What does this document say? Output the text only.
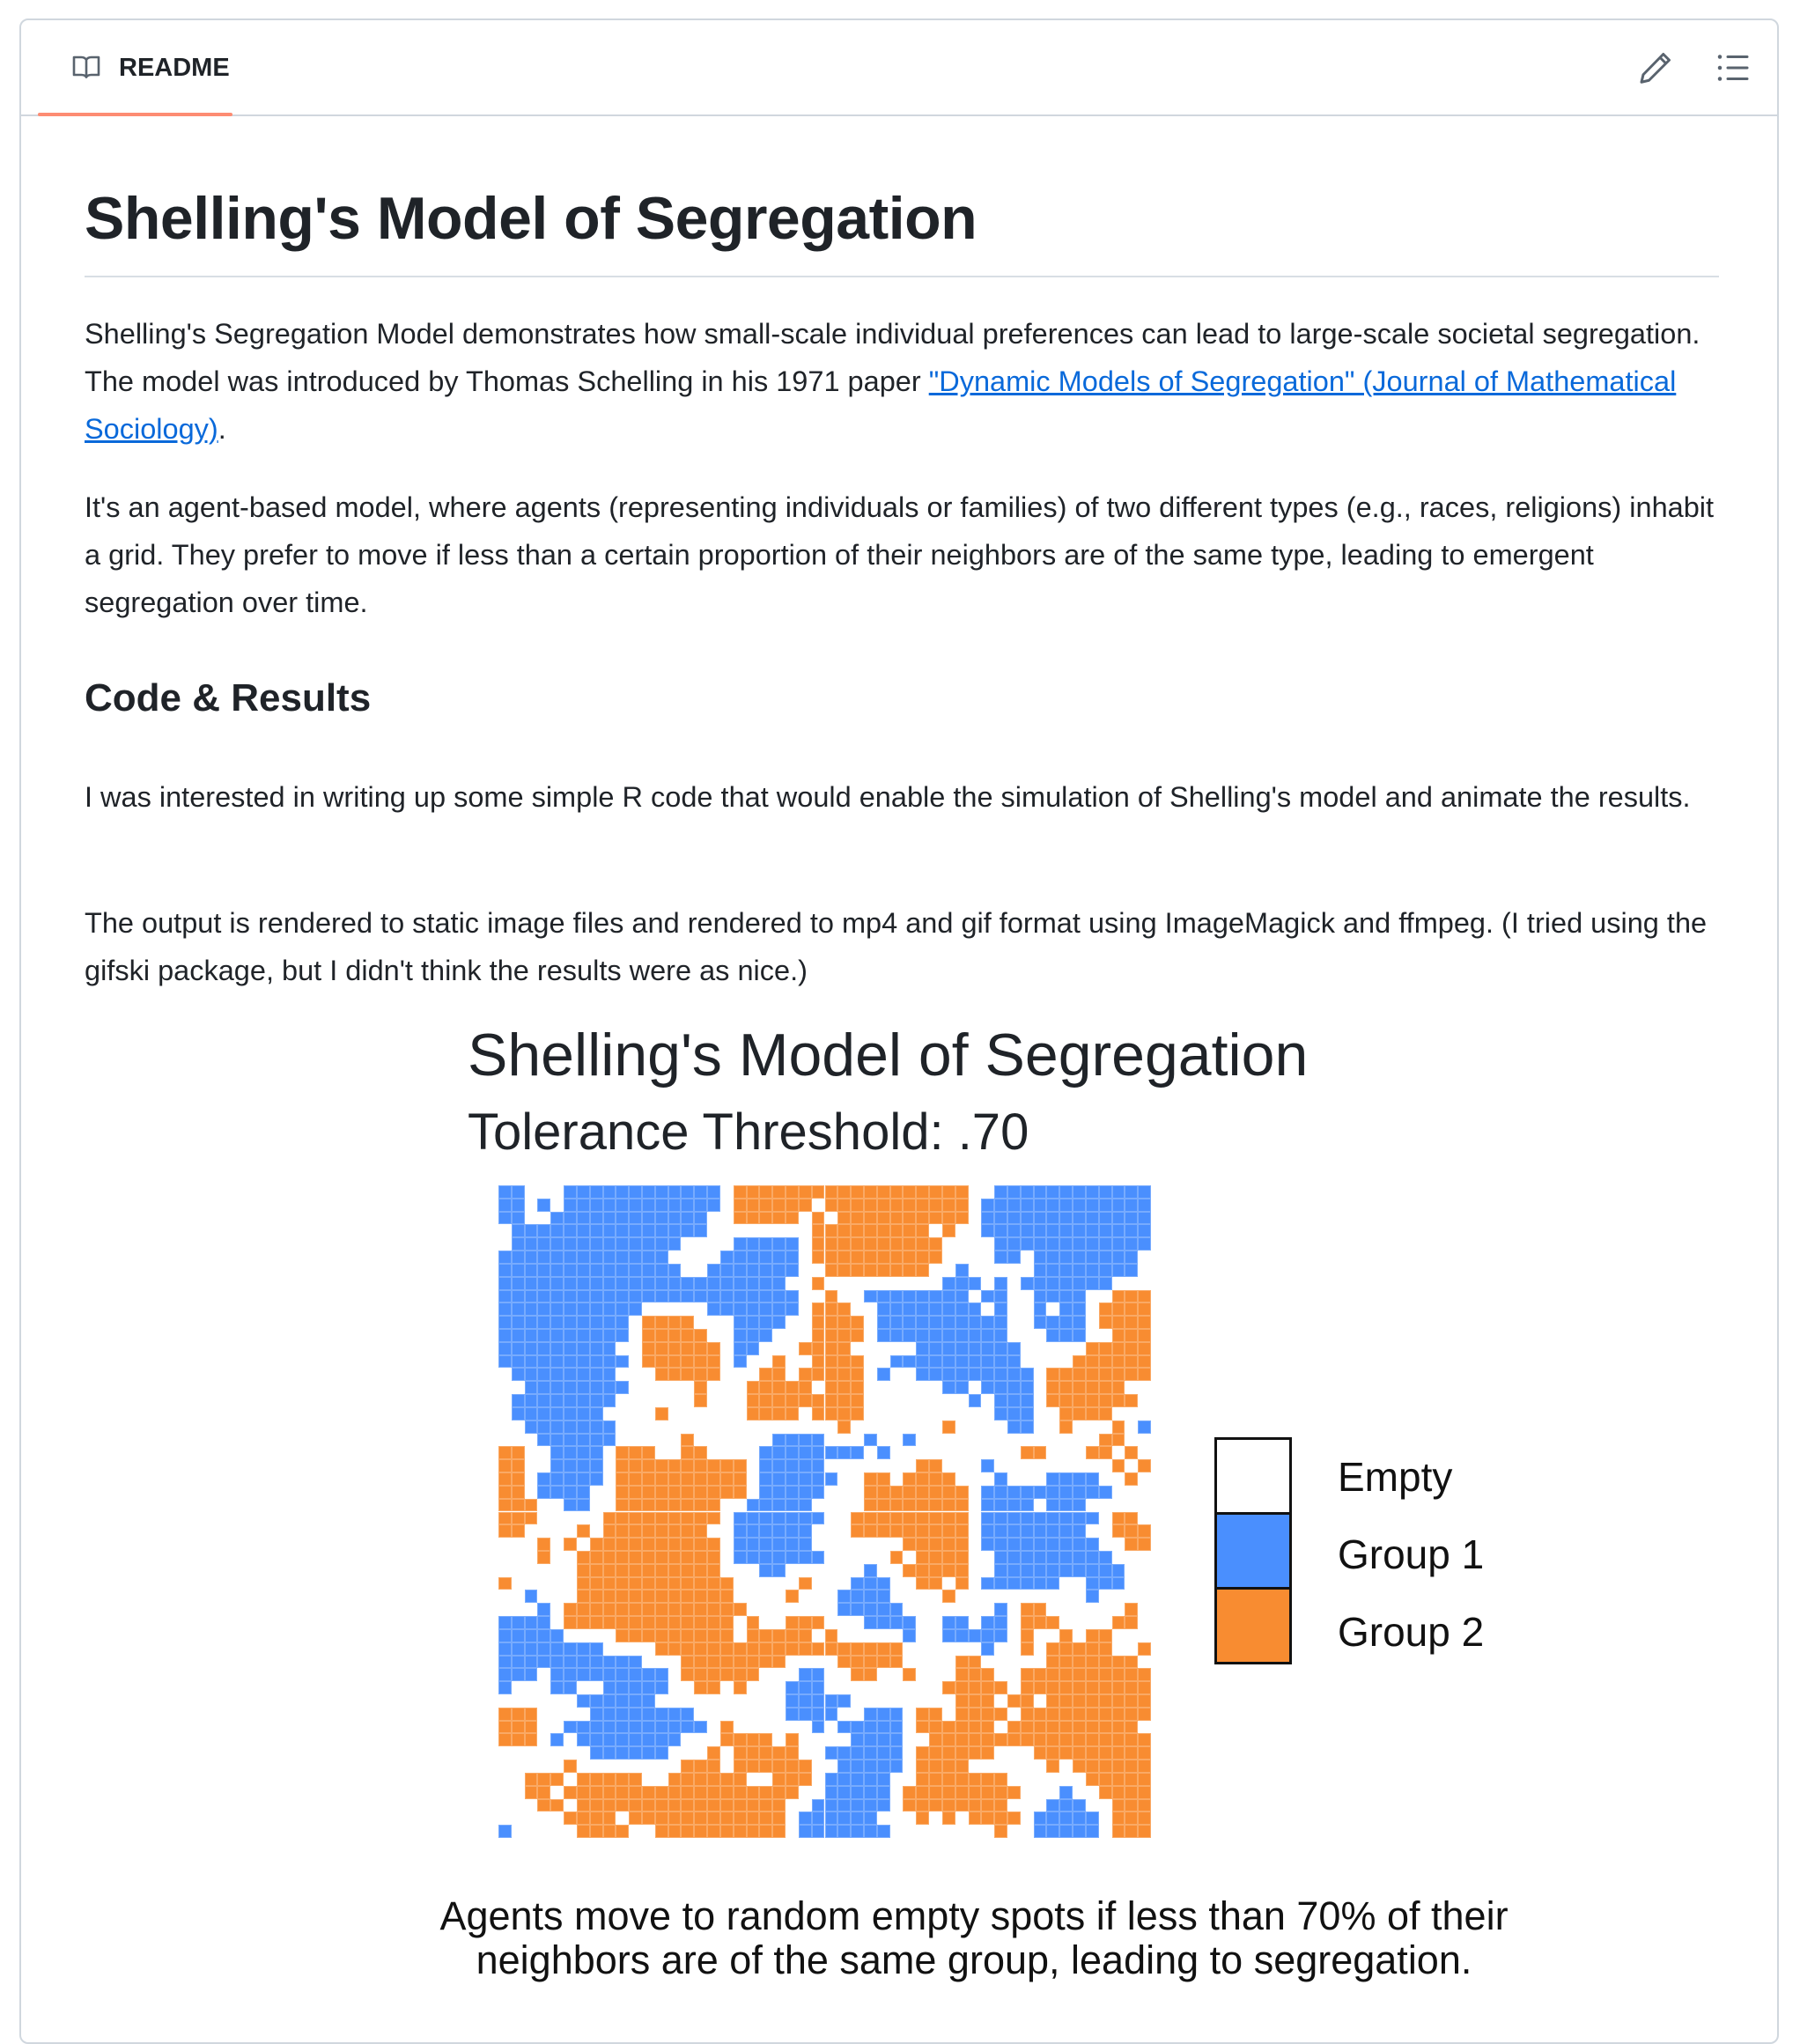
README
Shelling's Model of Segregation

Shelling's Segregation Model demonstrates how small-scale individual preferences can lead to large-scale societal segregation. The model was introduced by Thomas Schelling in his 1971 paper "Dynamic Models of Segregation" (Journal of Mathematical Sociology).

It's an agent-based model, where agents (representing individuals or families) of two different types (e.g., races, religions) inhabit a grid. They prefer to move if less than a certain proportion of their neighbors are of the same type, leading to emergent segregation over time.

Code & Results

I was interested in writing up some simple R code that would enable the simulation of Shelling's model and animate the results.

The output is rendered to static image files and rendered to mp4 and gif format using ImageMagick and ffmpeg. (I tried using the gifski package, but I didn't think the results were as nice.)

Shelling's Model of Segregation
Tolerance Threshold: .70
Empty
Group 1
Group 2
Agents move to random empty spots if less than 70% of their
neighbors are of the same group, leading to segregation.
